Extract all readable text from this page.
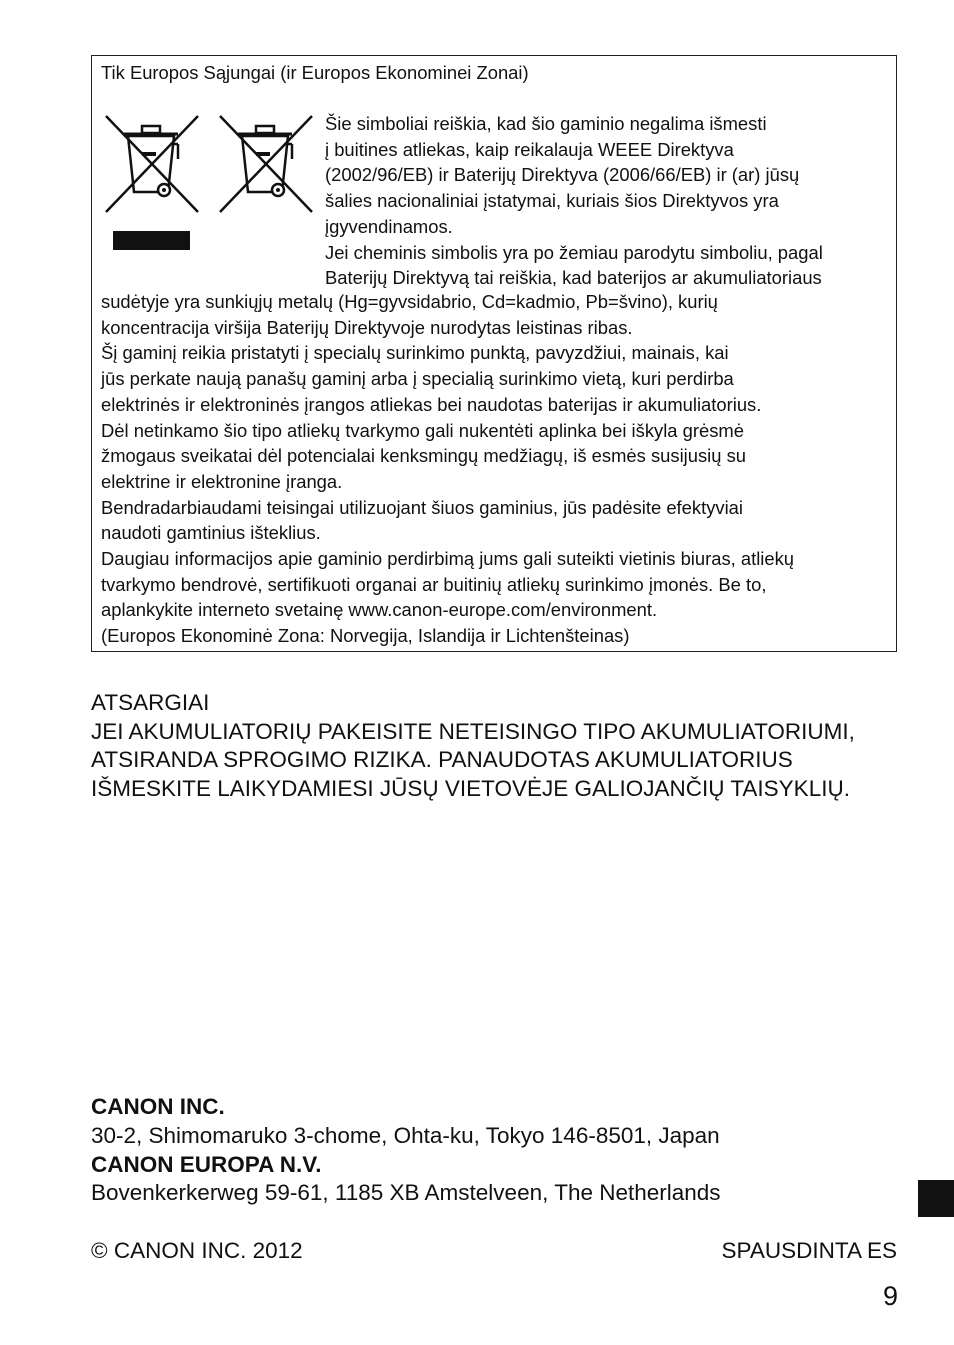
Tik Europos Sąjungai (ir Europos Ekonominei Zonai)
Šie simboliai reiškia, kad šio gaminio negalima išmesti
į buitines atliekas, kaip reikalauja WEEE Direktyva
(2002/96/EB) ir Baterijų Direktyva (2006/66/EB) ir (ar) jūsų
šalies nacionaliniai įstatymai, kuriais šios Direktyvos yra
įgyvendinamos.
Jei cheminis simbolis yra po žemiau parodytu simboliu, pagal
Baterijų Direktyvą tai reiškia, kad baterijos ar akumuliatoriaus
sudėtyje yra sunkiųjų metalų (Hg=gyvsidabrio, Cd=kadmio, Pb=švino), kurių
koncentracija viršija Baterijų Direktyvoje nurodytas leistinas ribas.
Šį gaminį reikia pristatyti į specialų surinkimo punktą, pavyzdžiui, mainais, kai
jūs perkate naują panašų gaminį arba į specialią surinkimo vietą, kuri perdirba
elektrinės ir elektroninės įrangos atliekas bei naudotas baterijas ir akumuliatorius.
Dėl netinkamo šio tipo atliekų tvarkymo gali nukentėti aplinka bei iškyla grėsmė
žmogaus sveikatai dėl potencialai kenksmingų medžiagų, iš esmės susijusių su
elektrine ir elektronine įranga.
Bendradarbiaudami teisingai utilizuojant šiuos gaminius, jūs padėsite efektyviai
naudoti gamtinius išteklius.
Daugiau informacijos apie gaminio perdirbimą jums gali suteikti vietinis biuras, atliekų
tvarkymo bendrovė, sertifikuoti organai ar buitinių atliekų surinkimo įmonės. Be to,
aplankykite interneto svetainę www.canon-europe.com/environment.
(Europos Ekonominė Zona: Norvegija, Islandija ir Lichtenšteinas)
ATSARGIAI
JEI AKUMULIATORIŲ PAKEISITE NETEISINGO TIPO AKUMULIATORIUMI,
ATSIRANDA SPROGIMO RIZIKA. PANAUDOTAS AKUMULIATORIUS
IŠMESKITE LAIKYDAMIESI JŪSŲ VIETOVĖJE GALIOJANČIŲ TAISYKLIŲ.
CANON INC.
30-2, Shimomaruko 3-chome, Ohta-ku, Tokyo 146-8501, Japan
CANON EUROPA N.V.
Bovenkerkerweg 59-61, 1185 XB Amstelveen, The Netherlands
© CANON INC. 2012	SPAUSDINTA ES
9
